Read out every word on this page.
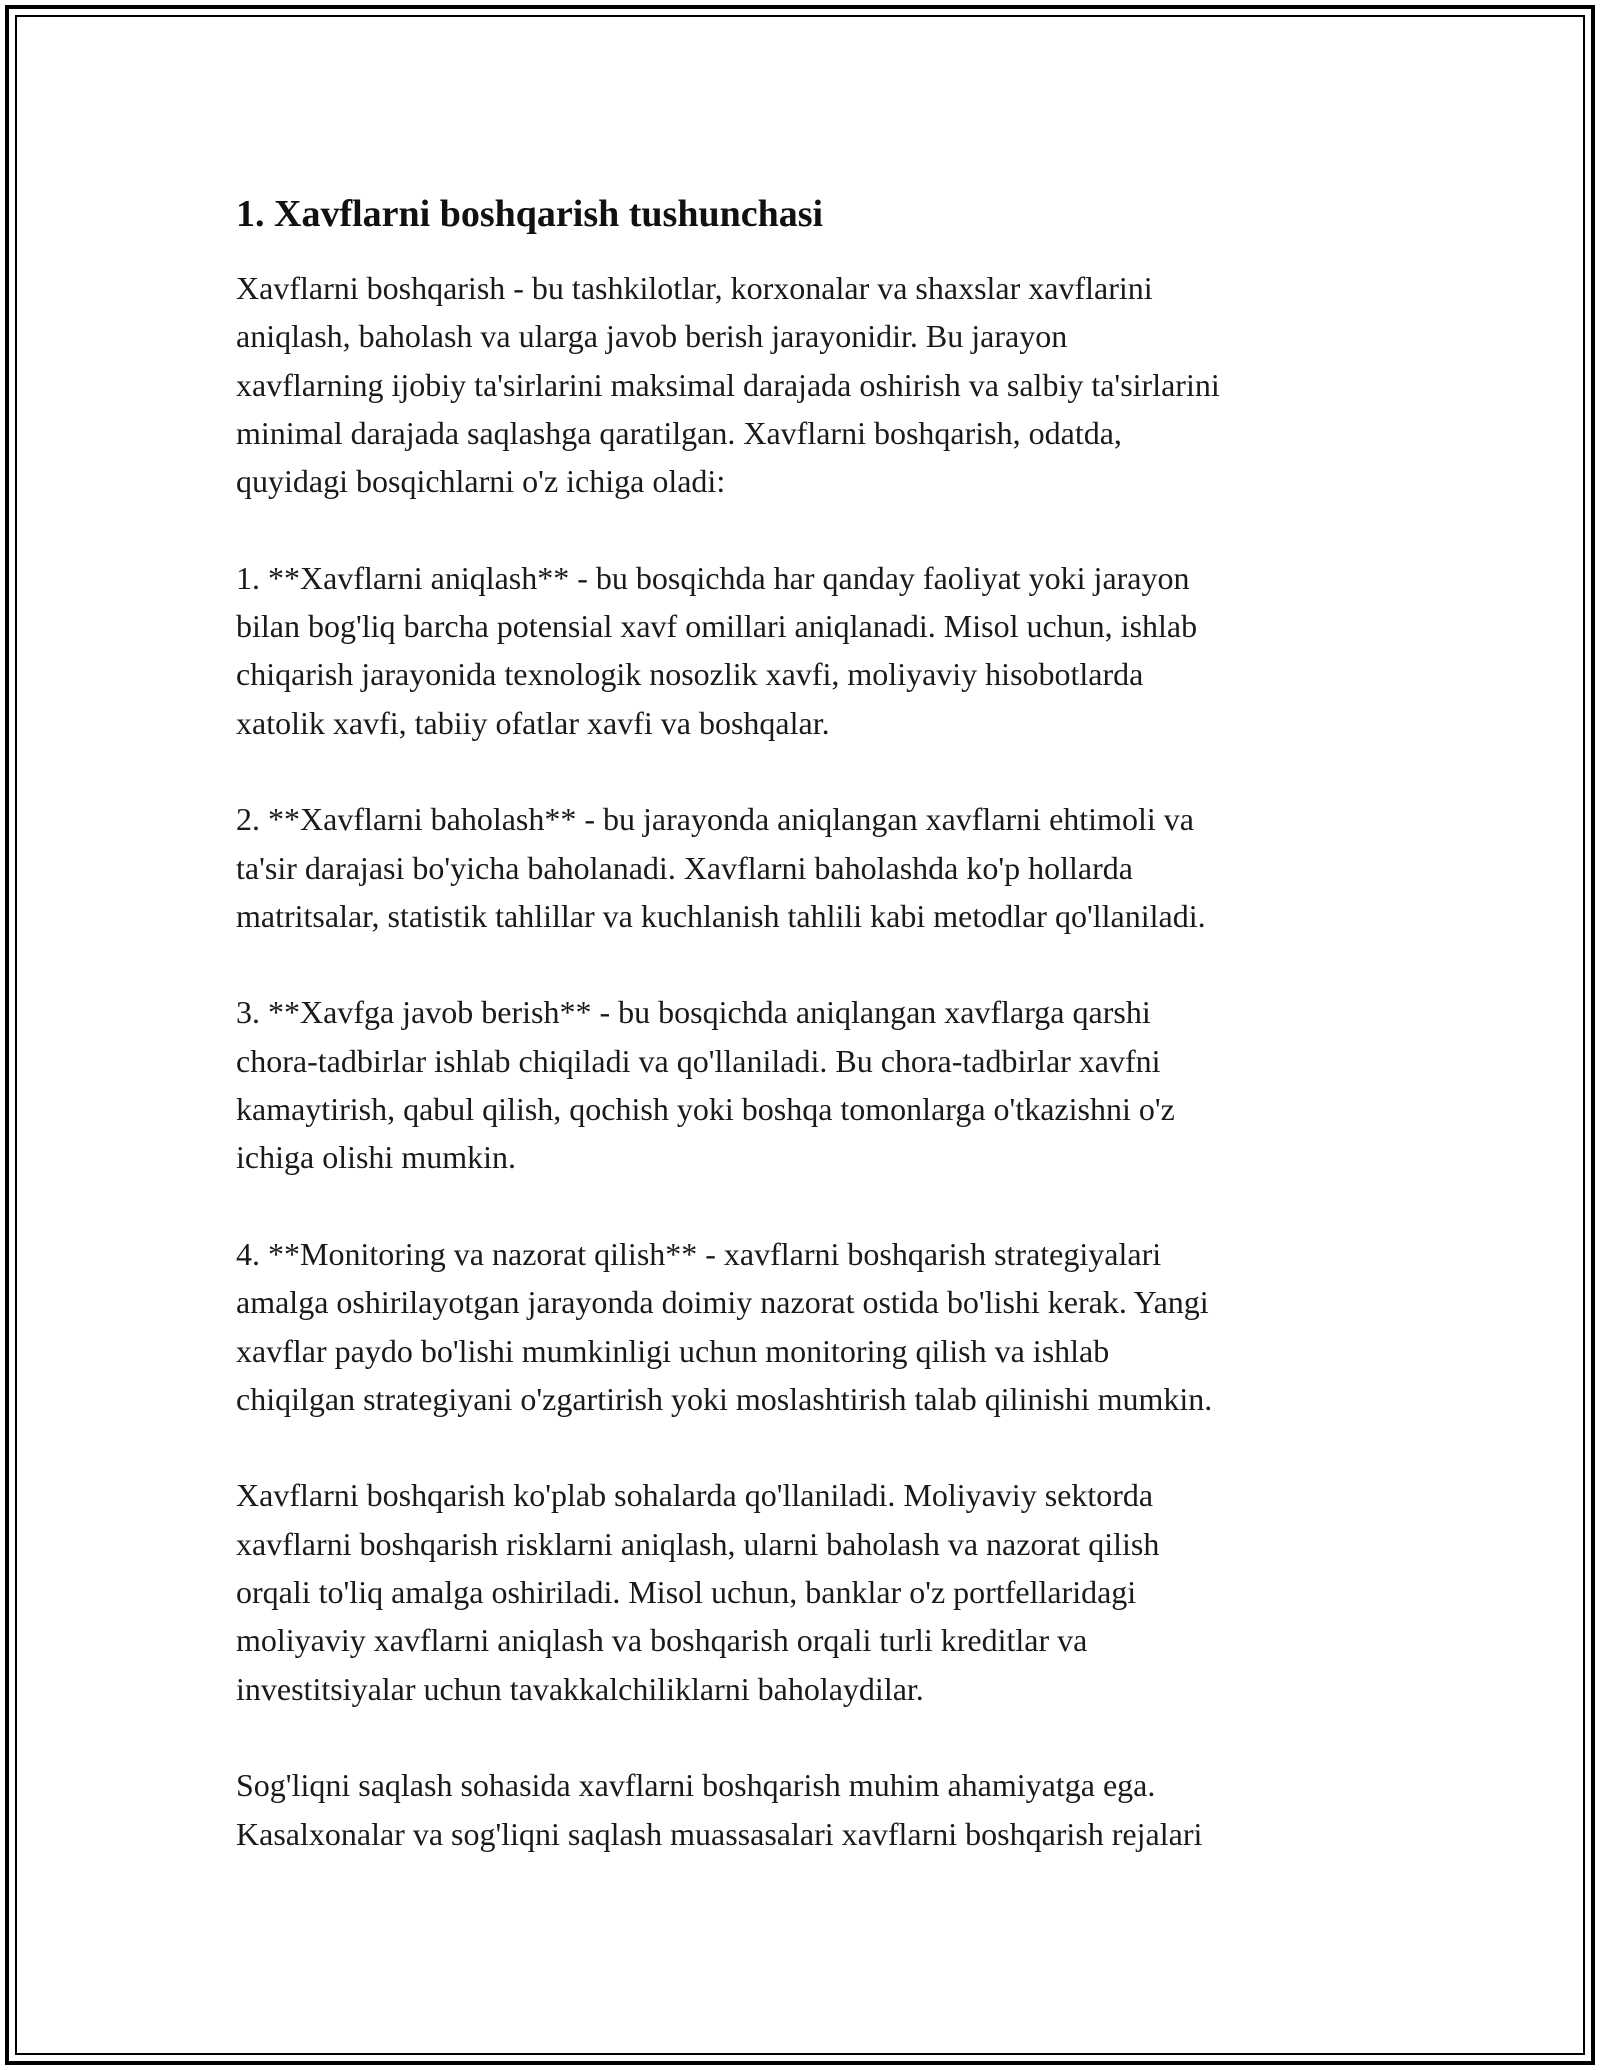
1. Xavflarni boshqarish tushunchasi

Xavflarni boshqarish - bu tashkilotlar, korxonalar va shaxslar xavflarini
aniqlash, baholash va ularga javob berish jarayonidir. Bu jarayon
xavflarning ijobiy ta'sirlarini maksimal darajada oshirish va salbiy ta'sirlarini
minimal darajada saqlashga qaratilgan. Xavflarni boshqarish, odatda,
quyidagi bosqichlarni o'z ichiga oladi:

1. **Xavflarni aniqlash** - bu bosqichda har qanday faoliyat yoki jarayon
bilan bog'liq barcha potensial xavf omillari aniqlanadi. Misol uchun, ishlab
chiqarish jarayonida texnologik nosozlik xavfi, moliyaviy hisobotlarda
xatolik xavfi, tabiiy ofatlar xavfi va boshqalar.

2. **Xavflarni baholash** - bu jarayonda aniqlangan xavflarni ehtimoli va
ta'sir darajasi bo'yicha baholanadi. Xavflarni baholashda ko'p hollarda
matritsalar, statistik tahlillar va kuchlanish tahlili kabi metodlar qo'llaniladi.

3. **Xavfga javob berish** - bu bosqichda aniqlangan xavflarga qarshi
chora-tadbirlar ishlab chiqiladi va qo'llaniladi. Bu chora-tadbirlar xavfni
kamaytirish, qabul qilish, qochish yoki boshqa tomonlarga o'tkazishni o'z
ichiga olishi mumkin.

4. **Monitoring va nazorat qilish** - xavflarni boshqarish strategiyalari
amalga oshirilayotgan jarayonda doimiy nazorat ostida bo'lishi kerak. Yangi
xavflar paydo bo'lishi mumkinligi uchun monitoring qilish va ishlab
chiqilgan strategiyani o'zgartirish yoki moslashtirish talab qilinishi mumkin.

Xavflarni boshqarish ko'plab sohalarda qo'llaniladi. Moliyaviy sektorda
xavflarni boshqarish risklarni aniqlash, ularni baholash va nazorat qilish
orqali to'liq amalga oshiriladi. Misol uchun, banklar o'z portfellaridagi
moliyaviy xavflarni aniqlash va boshqarish orqali turli kreditlar va
investitsiyalar uchun tavakkalchiliklarni baholaydilar.

Sog'liqni saqlash sohasida xavflarni boshqarish muhim ahamiyatga ega.
Kasalxonalar va sog'liqni saqlash muassasalari xavflarni boshqarish rejalari
